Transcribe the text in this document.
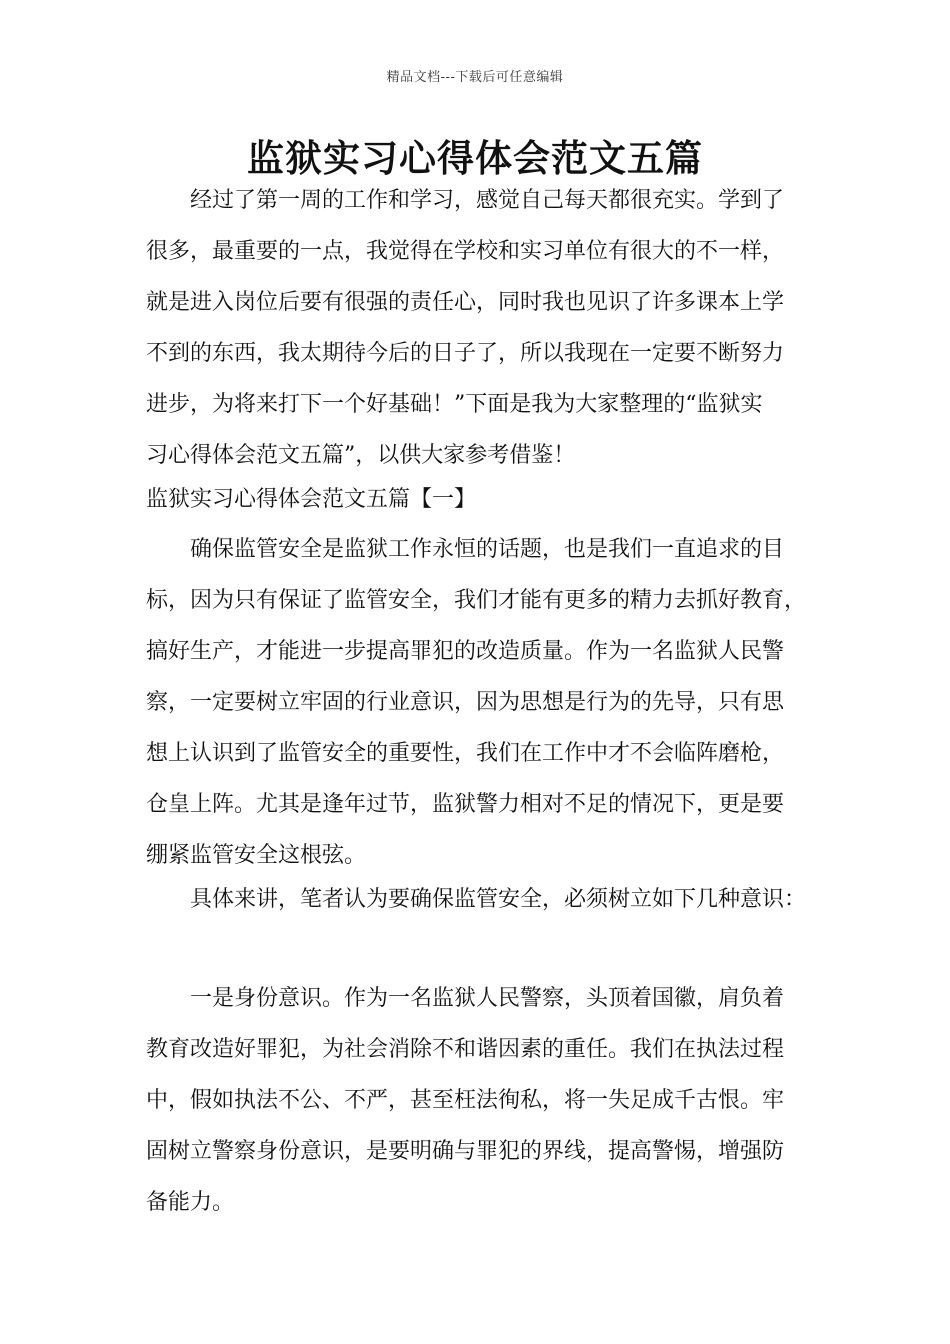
精品文档---下载后可任意编辑
监狱实习心得体会范文五篇
经过了第一周的工作和学习，感觉自己每天都很充实。学到了
很多，最重要的一点，我觉得在学校和实习单位有很大的不一样，
就是进入岗位后要有很强的责任心，同时我也见识了许多课本上学
不到的东西，我太期待今后的日子了，所以我现在一定要不断努力
进步，为将来打下一个好基础！”下面是我为大家整理的“监狱实
习心得体会范文五篇”，以供大家参考借鉴！
监狱实习心得体会范文五篇【一】
确保监管安全是监狱工作永恒的话题，也是我们一直追求的目
标，因为只有保证了监管安全，我们才能有更多的精力去抓好教育，
搞好生产，才能进一步提高罪犯的改造质量。作为一名监狱人民警
察，一定要树立牢固的行业意识，因为思想是行为的先导，只有思
想上认识到了监管安全的重要性，我们在工作中才不会临阵磨枪，
仓皇上阵。尤其是逢年过节，监狱警力相对不足的情况下，更是要
绷紧监管安全这根弦。
具体来讲，笔者认为要确保监管安全，必须树立如下几种意识：
一是身份意识。作为一名监狱人民警察，头顶着国徽，肩负着
教育改造好罪犯，为社会消除不和谐因素的重任。我们在执法过程
中，假如执法不公、不严，甚至枉法徇私，将一失足成千古恨。牢
固树立警察身份意识，是要明确与罪犯的界线，提高警惕，增强防
备能力。
